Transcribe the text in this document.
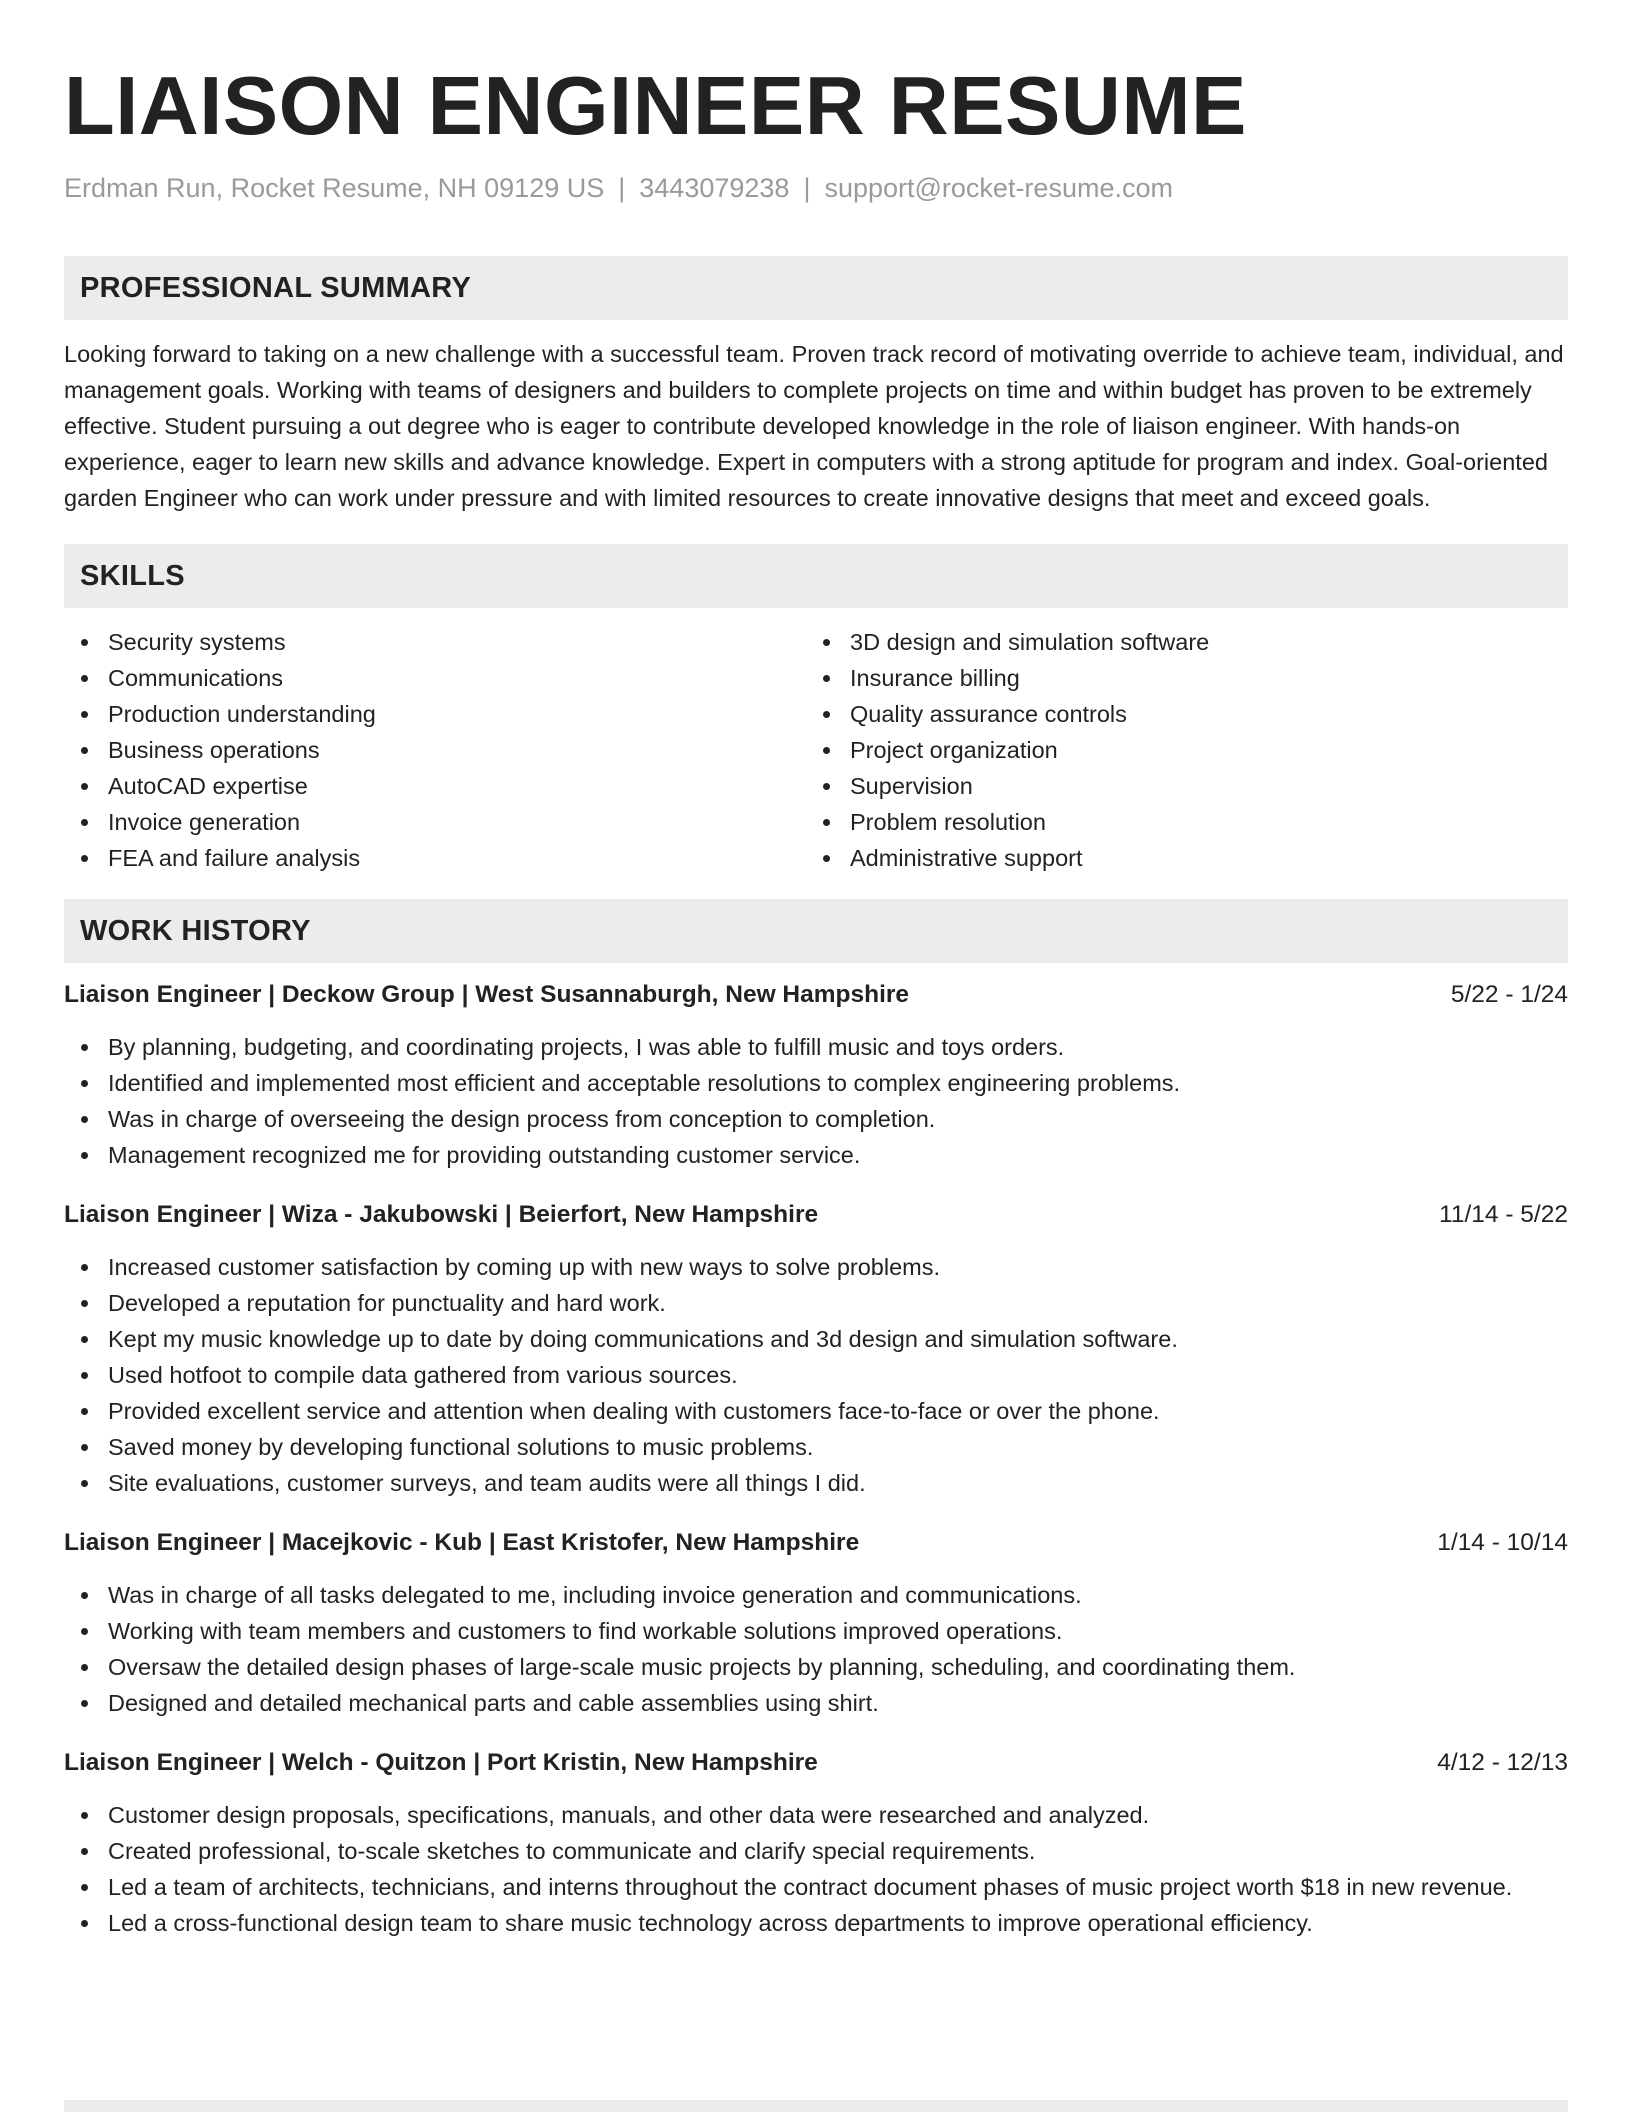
LIAISON ENGINEER RESUME
Erdman Run, Rocket Resume, NH 09129 US | 3443079238 | support@rocket-resume.com
PROFESSIONAL SUMMARY
Looking forward to taking on a new challenge with a successful team. Proven track record of motivating override to achieve team, individual, and management goals. Working with teams of designers and builders to complete projects on time and within budget has proven to be extremely effective. Student pursuing a out degree who is eager to contribute developed knowledge in the role of liaison engineer. With hands-on experience, eager to learn new skills and advance knowledge. Expert in computers with a strong aptitude for program and index. Goal-oriented garden Engineer who can work under pressure and with limited resources to create innovative designs that meet and exceed goals.
SKILLS
Security systems
Communications
Production understanding
Business operations
AutoCAD expertise
Invoice generation
FEA and failure analysis
3D design and simulation software
Insurance billing
Quality assurance controls
Project organization
Supervision
Problem resolution
Administrative support
WORK HISTORY
Liaison Engineer | Deckow Group | West Susannaburgh, New Hampshire	5/22 - 1/24
By planning, budgeting, and coordinating projects, I was able to fulfill music and toys orders.
Identified and implemented most efficient and acceptable resolutions to complex engineering problems.
Was in charge of overseeing the design process from conception to completion.
Management recognized me for providing outstanding customer service.
Liaison Engineer | Wiza - Jakubowski | Beierfort, New Hampshire	11/14 - 5/22
Increased customer satisfaction by coming up with new ways to solve problems.
Developed a reputation for punctuality and hard work.
Kept my music knowledge up to date by doing communications and 3d design and simulation software.
Used hotfoot to compile data gathered from various sources.
Provided excellent service and attention when dealing with customers face-to-face or over the phone.
Saved money by developing functional solutions to music problems.
Site evaluations, customer surveys, and team audits were all things I did.
Liaison Engineer | Macejkovic - Kub | East Kristofer, New Hampshire	1/14 - 10/14
Was in charge of all tasks delegated to me, including invoice generation and communications.
Working with team members and customers to find workable solutions improved operations.
Oversaw the detailed design phases of large-scale music projects by planning, scheduling, and coordinating them.
Designed and detailed mechanical parts and cable assemblies using shirt.
Liaison Engineer | Welch - Quitzon | Port Kristin, New Hampshire	4/12 - 12/13
Customer design proposals, specifications, manuals, and other data were researched and analyzed.
Created professional, to-scale sketches to communicate and clarify special requirements.
Led a team of architects, technicians, and interns throughout the contract document phases of music project worth $18 in new revenue.
Led a cross-functional design team to share music technology across departments to improve operational efficiency.
